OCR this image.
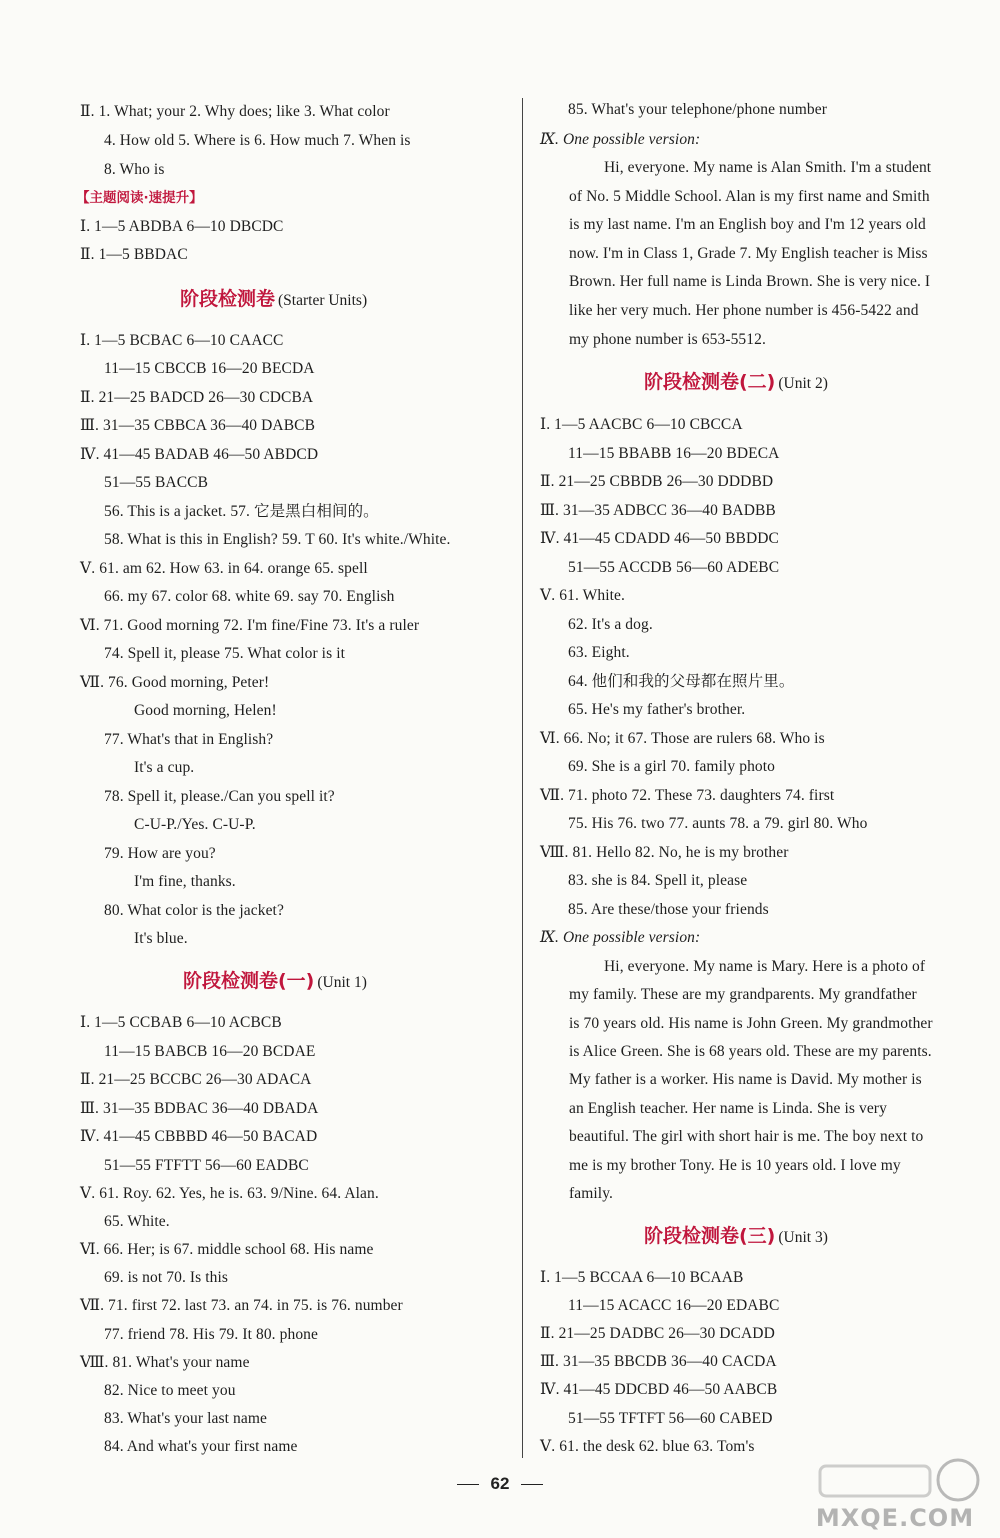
Ⅱ. 1. What; your 2. Why does; like 3. What color
4. How old 5. Where is 6. How much 7. When is
8. Who is
Ⅰ. 1—5 ABDBA 6—10 DBCDC
Ⅱ. 1—5 BBDAC
Ⅰ. 1—5 BCBAC 6—10 CAACC
11—15 CBCCB 16—20 BECDA
Ⅱ. 21—25 BADCD 26—30 CDCBA
Ⅲ. 31—35 CBBCA 36—40 DABCB
Ⅳ. 41—45 BADAB 46—50 ABDCD
51—55 BACCB
56. This is a jacket. 57. 它是黑白相间的。
58. What is this in English? 59. T 60. It's white./White.
Ⅴ. 61. am 62. How 63. in 64. orange 65. spell
66. my 67. color 68. white 69. say 70. English
Ⅵ. 71. Good morning 72. I'm fine/Fine 73. It's a ruler
74. Spell it, please 75. What color is it
Ⅶ. 76. Good morning, Peter!
Good morning, Helen!
77. What's that in English?
It's a cup.
78. Spell it, please./Can you spell it?
C-U-P./Yes. C-U-P.
79. How are you?
I'm fine, thanks.
80. What color is the jacket?
It's blue.
Ⅰ. 1—5 CCBAB 6—10 ACBCB
11—15 BABCB 16—20 BCDAE
Ⅱ. 21—25 BCCBC 26—30 ADACA
Ⅲ. 31—35 BDBAC 36—40 DBADA
Ⅳ. 41—45 CBBBD 46—50 BACAD
51—55 FTFTT 56—60 EADBC
Ⅴ. 61. Roy. 62. Yes, he is. 63. 9/Nine. 64. Alan.
65. White.
Ⅵ. 66. Her; is 67. middle school 68. His name
69. is not 70. Is this
Ⅶ. 71. first 72. last 73. an 74. in 75. is 76. number
77. friend 78. His 79. It 80. phone
Ⅷ. 81. What's your name
82. Nice to meet you
83. What's your last name
84. And what's your first name
【主题阅读·速提升】
阶段检测卷 (Starter Units)
阶段检测卷(一) (Unit 1)
85. What's your telephone/phone number
Hi, everyone. My name is Alan Smith. I'm a student
of No. 5 Middle School. Alan is my first name and Smith
is my last name. I'm an English boy and I'm 12 years old
now. I'm in Class 1, Grade 7. My English teacher is Miss
Brown. Her full name is Linda Brown. She is very nice. I
like her very much. Her phone number is 456-5422 and
my phone number is 653-5512.
Ⅰ. 1—5 AACBC 6—10 CBCCA
11—15 BBABB 16—20 BDECA
Ⅱ. 21—25 CBBDB 26—30 DDDBD
Ⅲ. 31—35 ADBCC 36—40 BADBB
Ⅳ. 41—45 CDADD 46—50 BBDDC
51—55 ACCDB 56—60 ADEBC
Ⅴ. 61. White.
62. It's a dog.
63. Eight.
64. 他们和我的父母都在照片里。
65. He's my father's brother.
Ⅵ. 66. No; it 67. Those are rulers 68. Who is
69. She is a girl 70. family photo
Ⅶ. 71. photo 72. These 73. daughters 74. first
75. His 76. two 77. aunts 78. a 79. girl 80. Who
Ⅷ. 81. Hello 82. No, he is my brother
83. she is 84. Spell it, please
85. Are these/those your friends
Hi, everyone. My name is Mary. Here is a photo of
my family. These are my grandparents. My grandfather
is 70 years old. His name is John Green. My grandmother
is Alice Green. She is 68 years old. These are my parents.
My father is a worker. His name is David. My mother is
an English teacher. Her name is Linda. She is very
beautiful. The girl with short hair is me. The boy next to
me is my brother Tony. He is 10 years old. I love my
family.
Ⅰ. 1—5 BCCAA 6—10 BCAAB
11—15 ACACC 16—20 EDABC
Ⅱ. 21—25 DADBC 26—30 DCADD
Ⅲ. 31—35 BBCDB 36—40 CACDA
Ⅳ. 41—45 DDCBD 46—50 AABCB
51—55 TFTFT 56—60 CABED
Ⅴ. 61. the desk 62. blue 63. Tom's
Ⅸ. One possible version:
Ⅸ. One possible version:
阶段检测卷(二) (Unit 2)
阶段检测卷(三) (Unit 3)
62
MXQE.COM
